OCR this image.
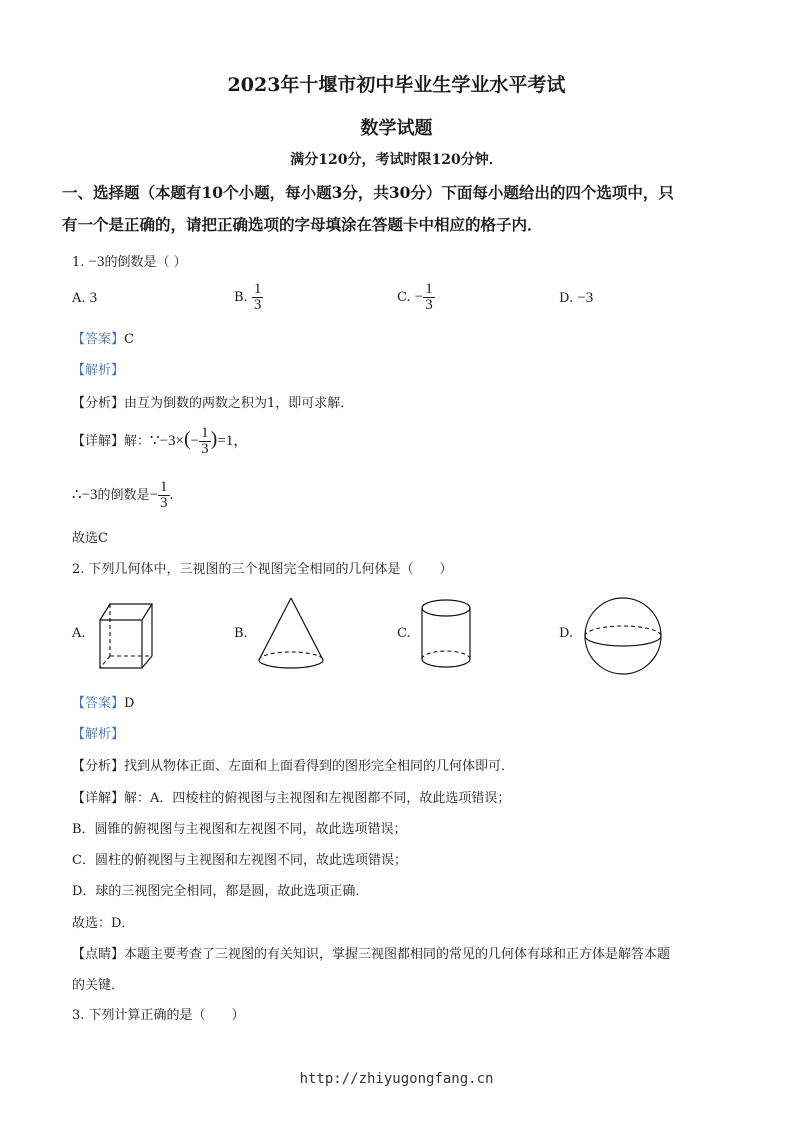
2023年十堰市初中毕业生学业水平考试
数学试题
满分120分，考试时限120分钟．
一、选择题（本题有10个小题，每小题3分，共30分）下面每小题给出的四个选项中，只
有一个是正确的，请把正确选项的字母填涂在答题卡中相应的格子内．
1. −3的倒数是（ ）
A. 3	B. $\frac{1}{3}$	C. − $\frac{1}{3}$	D. −3
【答案】C
【解析】
【分析】由互为倒数的两数之积为1，即可求解．
【详解】解：∵−3×(− $\frac{1}{3} )=1$，
∴−3的倒数是− $\frac{1}{3}$ .
故选C
2. 下列几何体中，三视图的三个视图完全相同的几何体是（　　）
A.	B.	C.	D.
【答案】D
【解析】
【分析】找到从物体正面、左面和上面看得到的图形完全相同的几何体即可．
【详解】解：A．四棱柱的俯视图与主视图和左视图都不同，故此选项错误；
B．圆锥的俯视图与主视图和左视图不同，故此选项错误；
C．圆柱的俯视图与主视图和左视图不同，故此选项错误；
D．球的三视图完全相同，都是圆，故此选项正确．
故选：D．
【点睛】本题主要考查了三视图的有关知识，掌握三视图都相同的常见的几何体有球和正方体是解答本题
的关键．
3. 下列计算正确的是（　　）
http://zhiyugongfang.cn
